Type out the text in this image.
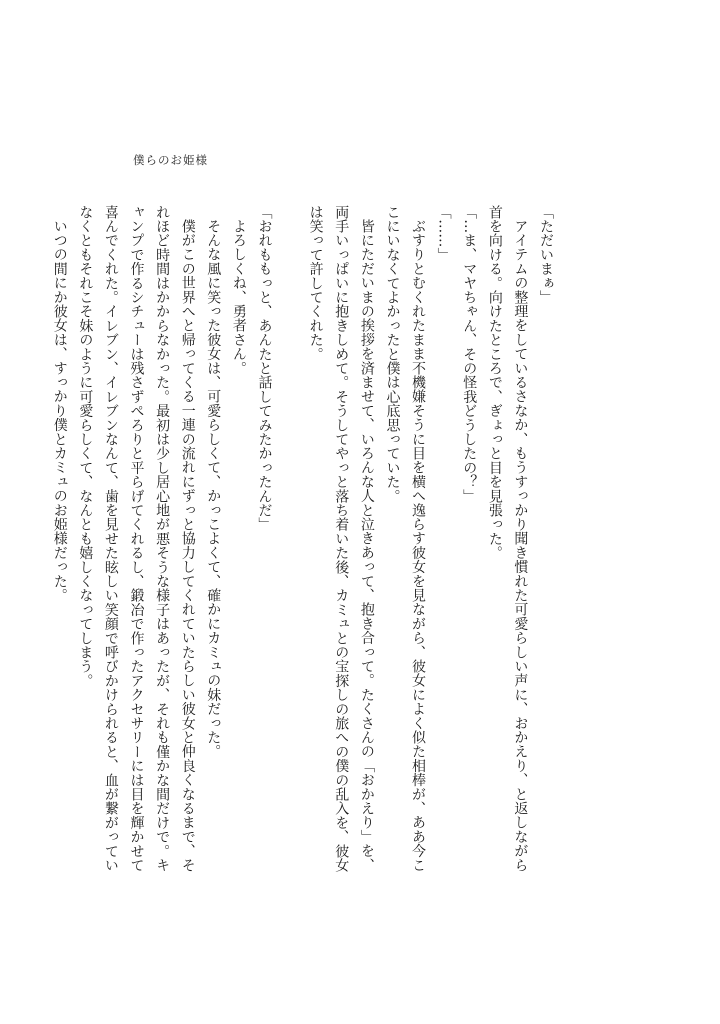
僕らのお姫様

「ただいまぁ」

アイテムの整理をしているさなか、もうすっかり聞き慣れた可愛らしい声に、おかえり、と返しながら首を向ける。向けたところで、ぎょっと目を見張った。

「…ま、マヤちゃん、その怪我どうしたの？」

「……」

ぶすりとむくれたまま不機嫌そうに目を横へ逸らす彼女を見ながら、彼女によく似た相棒が、ああ今ここにいなくてよかったと僕は心底思っていた。

皆にただいまの挨拶を済ませて、いろんな人と泣きあって、抱き合って。たくさんの「おかえり」を、両手いっぱいに抱きしめて。そうしてやっと落ち着いた後、カミュとの宝探しの旅への僕の乱入を、彼女は笑って許してくれた。

「おれももっと、あんたと話してみたかったんだ」

よろしくね、勇者さん。

そんな風に笑った彼女は、可愛らしくて、かっこよくて、確かにカミュの妹だった。

僕がこの世界へと帰ってくる一連の流れにずっと協力してくれていたらしい彼女と仲良くなるまで、それほど時間はかからなかった。最初は少し居心地が悪そうな様子はあったが、それも僅かな間だけで。キャンプで作るシチューは残さずぺろりと平らげてくれるし、鍛冶で作ったアクセサリーには目を輝かせて喜んでくれた。イレブン、イレブンなんて、歯を見せた眩しい笑顔で呼びかけられると、血が繋がっていなくともそれこそ妹のように可愛らしくて、なんとも嬉しくなってしまう。

いつの間にか彼女は、すっかり僕とカミュのお姫様だった。
